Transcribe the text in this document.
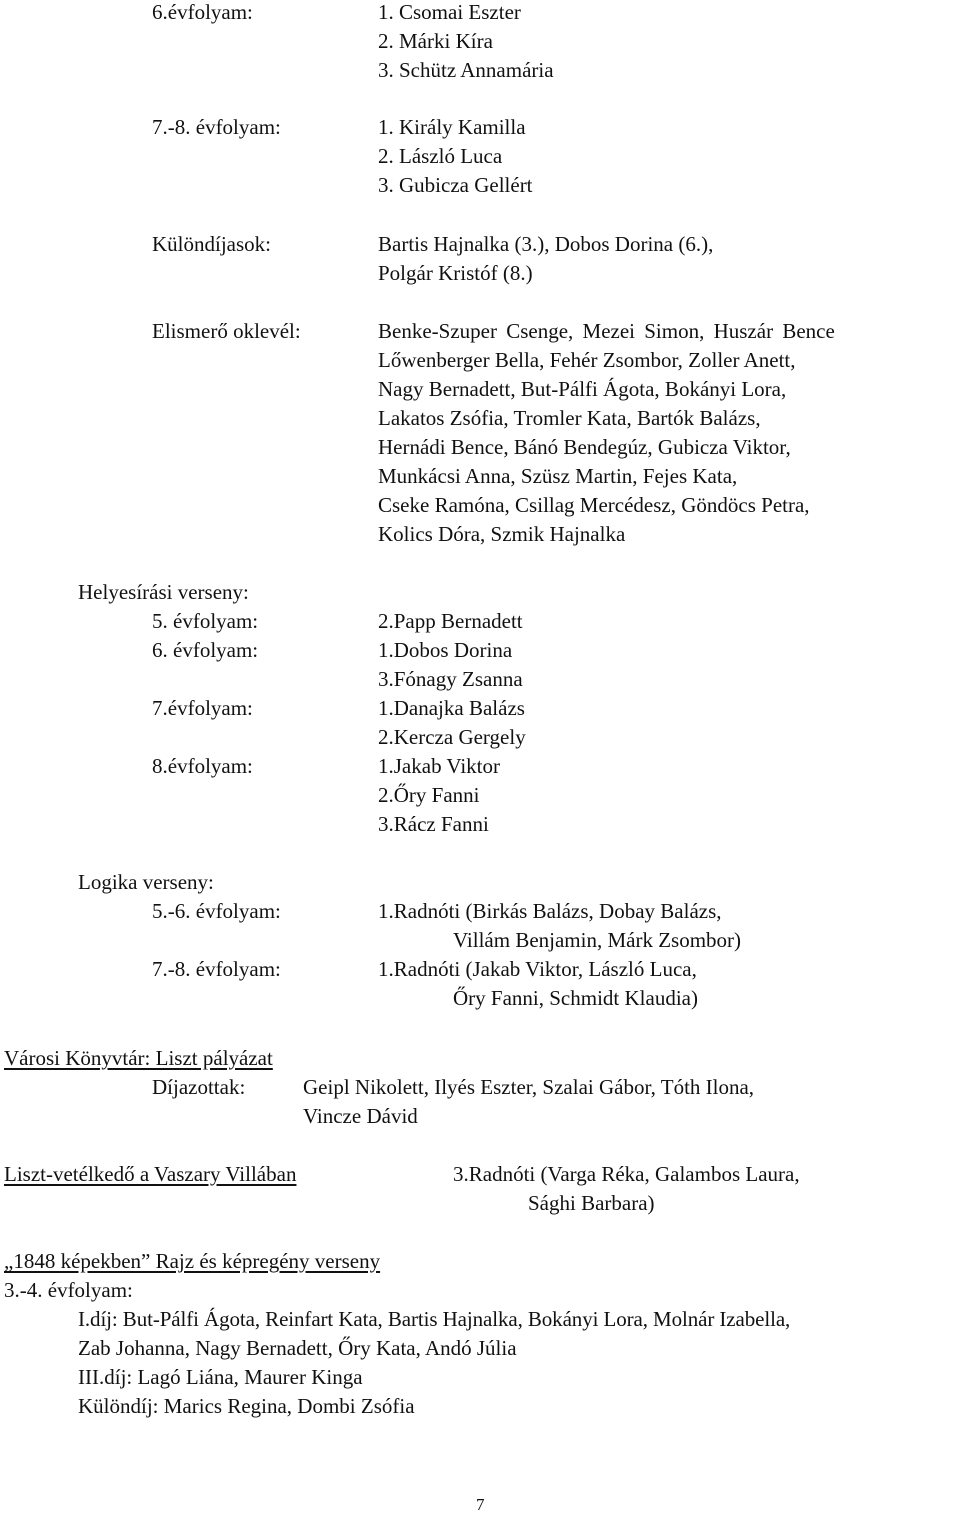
6.évfolyam:	1. Csomai Eszter
2. Márki Kíra
3. Schütz Annamária
7.-8. évfolyam:	1. Király Kamilla
2. László Luca
3. Gubicza Gellért
Különdíjasok:	Bartis Hajnalka (3.), Dobos Dorina (6.),
Polgár Kristóf (8.)
Elismerő oklevél:	Benke-Szuper Csenge, Mezei Simon, Huszár Bence
Lőwenberger Bella, Fehér Zsombor, Zoller Anett,
Nagy Bernadett, But-Pálfi Ágota, Bokányi Lora,
Lakatos Zsófia, Tromler Kata, Bartók Balázs,
Hernádi Bence, Bánó Bendegúz, Gubicza Viktor,
Munkácsi Anna, Szüsz Martin, Fejes Kata,
Cseke Ramóna, Csillag Mercédesz, Göndöcs Petra,
Kolics Dóra, Szmik Hajnalka
Helyesírási verseny:
5. évfolyam:	2.Papp Bernadett
6. évfolyam:	1.Dobos Dorina
3.Fónagy Zsanna
7.évfolyam:	1.Danajka Balázs
2.Kercza Gergely
8.évfolyam:	1.Jakab Viktor
2.Őry Fanni
3.Rácz Fanni
Logika verseny:
5.-6. évfolyam:	1.Radnóti (Birkás Balázs, Dobay Balázs,
Villám Benjamin, Márk Zsombor)
7.-8. évfolyam:	1.Radnóti (Jakab Viktor, László Luca,
Őry Fanni, Schmidt Klaudia)
Városi Könyvtár: Liszt pályázat
Díjazottak:	Geipl Nikolett, Ilyés Eszter, Szalai Gábor, Tóth Ilona,
Vincze Dávid
Liszt-vetélkedő a Vaszary Villában	3.Radnóti (Varga Réka, Galambos Laura,
Sághi Barbara)
„1848 képekben” Rajz és képregény verseny
3.-4. évfolyam:
I.díj: But-Pálfi Ágota, Reinfart Kata, Bartis Hajnalka, Bokányi Lora, Molnár Izabella,
Zab Johanna, Nagy Bernadett, Őry Kata, Andó Júlia
III.díj: Lagó Liána, Maurer Kinga
Különdíj: Marics Regina, Dombi Zsófia
7
